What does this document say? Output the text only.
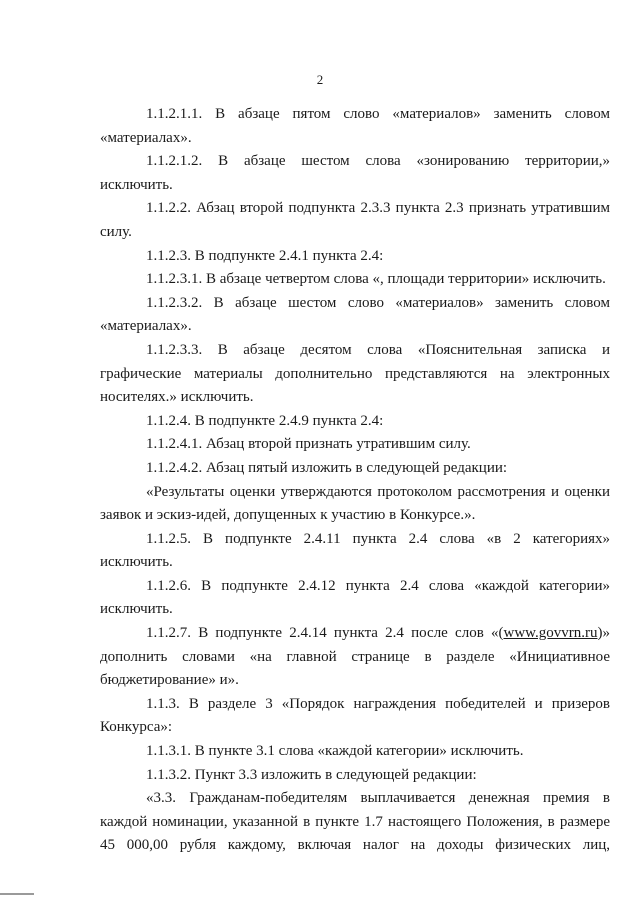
2

1.1.2.1.1. В абзаце пятом слово «материалов» заменить словом «материалах».

1.1.2.1.2. В абзаце шестом слова «зонированию территории,» исключить.

1.1.2.2. Абзац второй подпункта 2.3.3 пункта 2.3 признать утратившим силу.

1.1.2.3. В подпункте 2.4.1 пункта 2.4:

1.1.2.3.1. В абзаце четвертом слова «, площади территории» исключить.

1.1.2.3.2. В абзаце шестом слово «материалов» заменить словом «материалах».

1.1.2.3.3. В абзаце десятом слова «Пояснительная записка и графические материалы дополнительно представляются на электронных носителях.» исключить.

1.1.2.4. В подпункте 2.4.9 пункта 2.4:

1.1.2.4.1. Абзац второй признать утратившим силу.

1.1.2.4.2. Абзац пятый изложить в следующей редакции:

«Результаты оценки утверждаются протоколом рассмотрения и оценки заявок и эскиз-идей, допущенных к участию в Конкурсе.».

1.1.2.5. В подпункте 2.4.11 пункта 2.4 слова «в 2 категориях» исключить.

1.1.2.6. В подпункте 2.4.12 пункта 2.4 слова «каждой категории» исключить.

1.1.2.7. В подпункте 2.4.14 пункта 2.4 после слов «(www.govvrn.ru)» дополнить словами «на главной странице в разделе «Инициативное бюджетирование» и».

1.1.3. В разделе 3 «Порядок награждения победителей и призеров Конкурса»:

1.1.3.1. В пункте 3.1 слова «каждой категории» исключить.

1.1.3.2. Пункт 3.3 изложить в следующей редакции:

«3.3. Гражданам-победителям выплачивается денежная премия в каждой номинации, указанной в пункте 1.7 настоящего Положения, в размере 45 000,00 рубля каждому, включая налог на доходы физических лиц,
